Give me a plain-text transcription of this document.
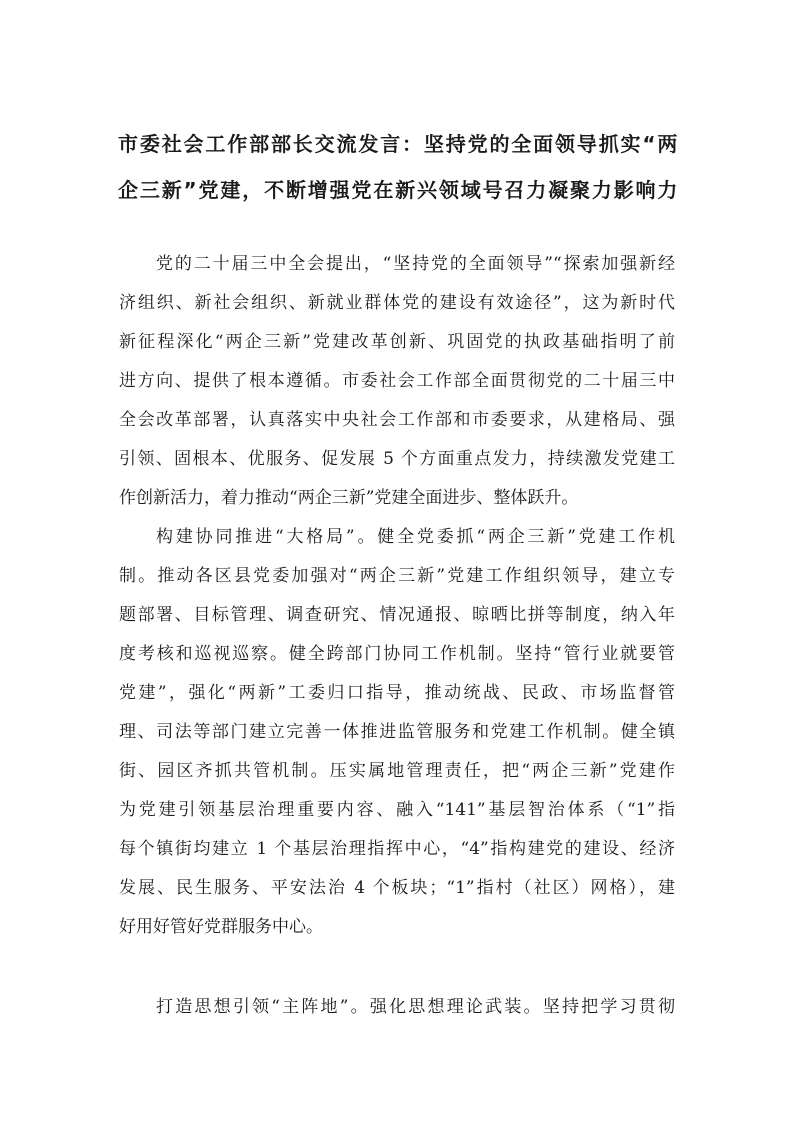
市委社会工作部部长交流发言：坚持党的全面领导抓实“两
企三新”党建，不断增强党在新兴领域号召力凝聚力影响力

党的二十届三中全会提出，“坚持党的全面领导”“探索加强新经

济组织、新社会组织、新就业群体党的建设有效途径”，这为新时代

新征程深化“两企三新”党建改革创新、巩固党的执政基础指明了前

进方向、提供了根本遵循。市委社会工作部全面贯彻党的二十届三中

全会改革部署，认真落实中央社会工作部和市委要求，从建格局、强

引领、固根本、优服务、促发展 5 个方面重点发力，持续激发党建工

作创新活力，着力推动“两企三新”党建全面进步、整体跃升。

构建协同推进“大格局”。健全党委抓“两企三新”党建工作机

制。推动各区县党委加强对“两企三新”党建工作组织领导，建立专

题部署、目标管理、调查研究、情况通报、晾晒比拼等制度，纳入年

度考核和巡视巡察。健全跨部门协同工作机制。坚持“管行业就要管

党建”，强化“两新”工委归口指导，推动统战、民政、市场监督管

理、司法等部门建立完善一体推进监管服务和党建工作机制。健全镇

街、园区齐抓共管机制。压实属地管理责任，把“两企三新”党建作

为党建引领基层治理重要内容、融入“141”基层智治体系（“1”指

每个镇街均建立 1 个基层治理指挥中心，“4”指构建党的建设、经济

发展、民生服务、平安法治 4 个板块；“1”指村（社区）网格），建

好用好管好党群服务中心。

打造思想引领“主阵地”。强化思想理论武装。坚持把学习贯彻
